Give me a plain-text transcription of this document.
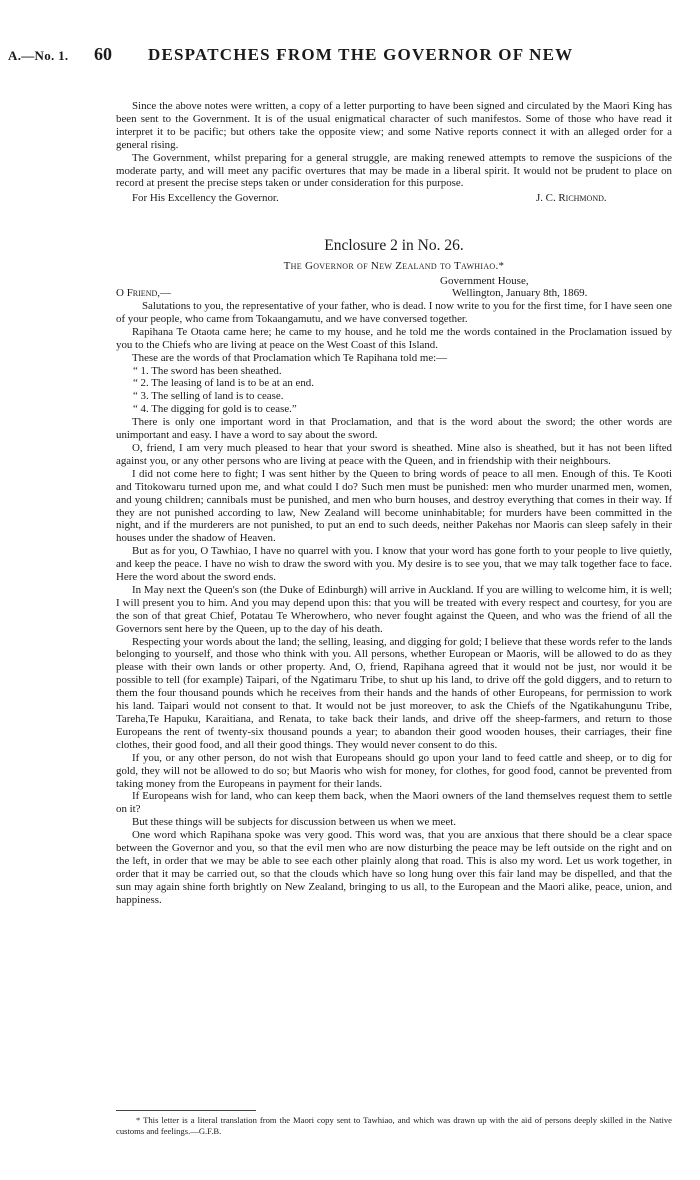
A.—No. 1. 60 DESPATCHES FROM THE GOVERNOR OF NEW

Since the above notes were written, a copy of a letter purporting to have been signed and circulated by the Maori King has been sent to the Government. It is of the usual enigmatical character of such manifestos. Some of those who have read it interpret it to be pacific; but others take the opposite view; and some Native reports connect it with an alleged order for a general rising.

The Government, whilst preparing for a general struggle, are making renewed attempts to remove the suspicions of the moderate party, and will meet any pacific overtures that may be made in a liberal spirit. It would not be prudent to place on record at present the precise steps taken or under consideration for this purpose.

For His Excellency the Governor.	J. C. Richmond.
Enclosure 2 in No. 26.
The Governor of New Zealand to Tawhiao.*
Government House,
O Friend,—	Wellington, January 8th, 1869.

Salutations to you, the representative of your father, who is dead. I now write to you for the first time, for I have seen one of your people, who came from Tokaangamutu, and we have conversed together.

Rapihana Te Otaota came here; he came to my house, and he told me the words contained in the Proclamation issued by you to the Chiefs who are living at peace on the West Coast of this Island.

These are the words of that Proclamation which Te Rapihana told me:—

“ 1. The sword has been sheathed.

“ 2. The leasing of land is to be at an end.

“ 3. The selling of land is to cease.

“ 4. The digging for gold is to cease.”

There is only one important word in that Proclamation, and that is the word about the sword; the other words are unimportant and easy. I have a word to say about the sword.

O, friend, I am very much pleased to hear that your sword is sheathed. Mine also is sheathed, but it has not been lifted against you, or any other persons who are living at peace with the Queen, and in friendship with their neighbours.

I did not come here to fight; I was sent hither by the Queen to bring words of peace to all men. Enough of this. Te Kooti and Titokowaru turned upon me, and what could I do? Such men must be punished: men who murder unarmed men, women, and young children; cannibals must be punished, and men who burn houses, and destroy everything that comes in their way. If they are not punished according to law, New Zealand will become uninhabitable; for murders have been committed in the night, and if the murderers are not punished, to put an end to such deeds, neither Pakehas nor Maoris can sleep safely in their houses under the shadow of Heaven.

But as for you, O Tawhiao, I have no quarrel with you. I know that your word has gone forth to your people to live quietly, and keep the peace. I have no wish to draw the sword with you. My desire is to see you, that we may talk together face to face. Here the word about the sword ends.

In May next the Queen's son (the Duke of Edinburgh) will arrive in Auckland. If you are willing to welcome him, it is well; I will present you to him. And you may depend upon this: that you will be treated with every respect and courtesy, for you are the son of that great Chief, Potatau Te Wherowhero, who never fought against the Queen, and who was the friend of all the Governors sent here by the Queen, up to the day of his death.

Respecting your words about the land; the selling, leasing, and digging for gold; I believe that these words refer to the lands belonging to yourself, and those who think with you. All persons, whether European or Maoris, will be allowed to do as they please with their own lands or other property. And, O, friend, Rapihana agreed that it would not be just, nor would it be possible to tell (for example) Taipari, of the Ngatimaru Tribe, to shut up his land, to drive off the gold diggers, and to return to them the four thousand pounds which he receives from their hands and the hands of other Europeans, for permission to work his land. Taipari would not consent to that. It would not be just moreover, to ask the Chiefs of the Ngatikahungunu Tribe, Tareha,Te Hapuku, Karaitiana, and Renata, to take back their lands, and drive off the sheep-farmers, and return to those Europeans the rent of twenty-six thousand pounds a year; to abandon their good wooden houses, their carriages, their fine clothes, their good food, and all their good things. They would never consent to do this.

If you, or any other person, do not wish that Europeans should go upon your land to feed cattle and sheep, or to dig for gold, they will not be allowed to do so; but Maoris who wish for money, for clothes, for good food, cannot be prevented from taking money from the Europeans in payment for their lands.

If Europeans wish for land, who can keep them back, when the Maori owners of the land themselves request them to settle on it?

But these things will be subjects for discussion between us when we meet.

One word which Rapihana spoke was very good. This word was, that you are anxious that there should be a clear space between the Governor and you, so that the evil men who are now disturbing the peace may be left outside on the right and on the left, in order that we may be able to see each other plainly along that road. This is also my word. Let us work together, in order that it may be carried out, so that the clouds which have so long hung over this fair land may be dispelled, and that the sun may again shine forth brightly on New Zealand, bringing to us all, to the European and the Maori alike, peace, union, and happiness.

* This letter is a literal translation from the Maori copy sent to Tawhiao, and which was drawn up with the aid of persons deeply skilled in the Native customs and feelings.—G.F.B.
